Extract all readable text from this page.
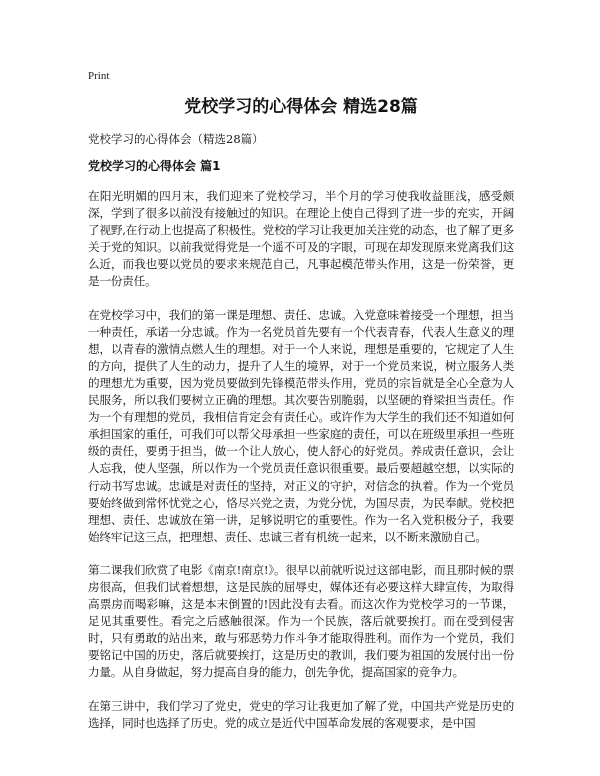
Print
党校学习的心得体会 精选28篇
党校学习的心得体会（精选28篇）
党校学习的心得体会 篇1

在阳光明媚的四月末，我们迎来了党校学习，半个月的学习使我收益匪浅，感受颇深，学到了很多以前没有接触过的知识。在理论上使自己得到了进一步的充实，开阔了视野,在行动上也提高了积极性。党校的学习让我更加关注党的动态，也了解了更多关于党的知识。以前我觉得党是一个遥不可及的字眼，可现在却发现原来党离我们这么近，而我也要以党员的要求来规范自己，凡事起模范带头作用，这是一份荣誉，更是一份责任。

在党校学习中，我们的第一课是理想、责任、忠诚。入党意味着接受一个理想，担当一种责任，承诺一分忠诚。作为一名党员首先要有一个代表青春，代表人生意义的理想，以青春的激情点燃人生的理想。对于一个人来说，理想是重要的，它规定了人生的方向，提供了人生的动力，提升了人生的境界，对于一个党员来说，树立服务人类的理想尤为重要，因为党员要做到先锋模范带头作用，党员的宗旨就是全心全意为人民服务，所以我们要树立正确的理想。其次要告别脆弱，以坚硬的脊梁担当责任。作为一个有理想的党员，我相信肯定会有责任心。或许作为大学生的我们还不知道如何承担国家的重任，可我们可以帮父母承担一些家庭的责任，可以在班级里承担一些班级的责任，要勇于担当，做一个让人放心，使人舒心的好党员。养成责任意识，会让人忘我，使人坚强，所以作为一个党员责任意识很重要。最后要超越空想，以实际的行动书写忠诚。忠诚是对责任的坚持，对正义的守护，对信念的执着。作为一个党员要始终做到常怀忧党之心，恪尽兴党之责，为党分忧，为国尽责，为民奉献。党校把理想、责任、忠诚放在第一讲，足够说明它的重要性。作为一名入党积极分子，我要始终牢记这三点，把理想、责任、忠诚三者有机统一起来，以不断来激励自己。

第二课我们欣赏了电影《南京!南京!》。很早以前就听说过这部电影，而且那时候的票房很高，但我们试着想想，这是民族的屈辱史，媒体还有必要这样大肆宣传，为取得高票房而喝彩嘛，这是本末倒置的!因此没有去看。而这次作为党校学习的一节课，足见其重要性。看完之后感触很深。作为一个民族，落后就要挨打。而在受到侵害时，只有勇敢的站出来，敢与邪恶势力作斗争才能取得胜利。而作为一个党员，我们要铭记中国的历史，落后就要挨打，这是历史的教训，我们要为祖国的发展付出一份力量。从自身做起，努力提高自身的能力，创先争优，提高国家的竞争力。

在第三讲中，我们学习了党史，党史的学习让我更加了解了党，中国共产党是历史的选择，同时也选择了历史。党的成立是近代中国革命发展的客观要求，是中国
